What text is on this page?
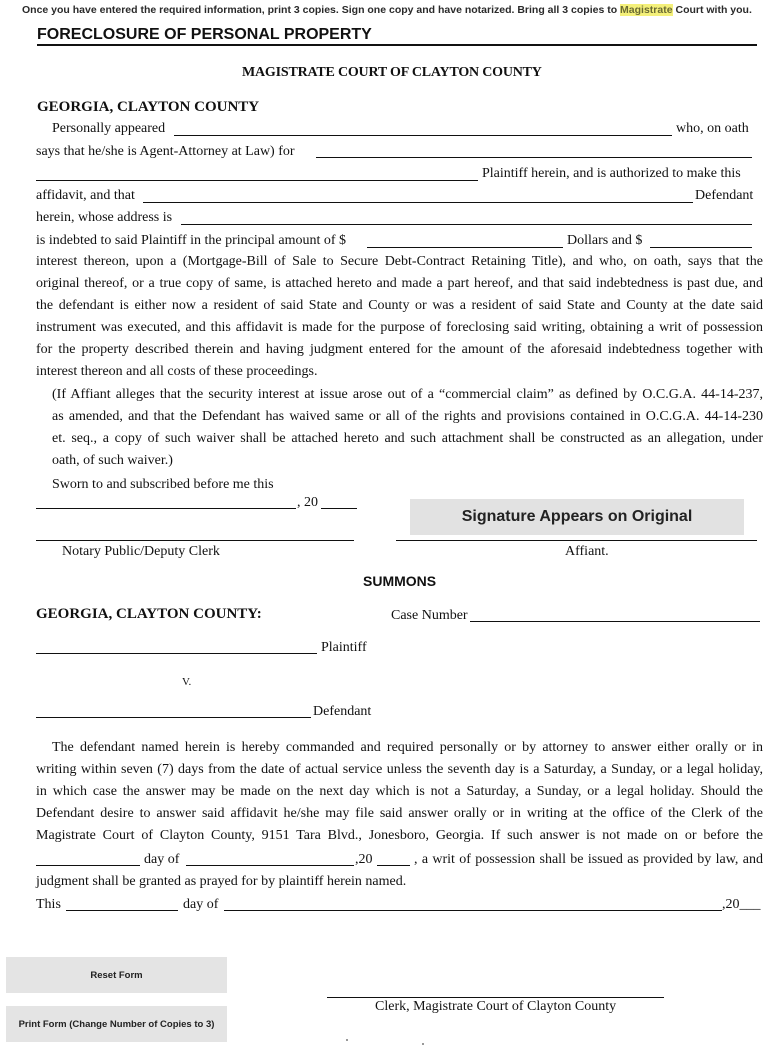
Once you have entered the required information, print 3 copies. Sign one copy and have notarized. Bring all 3 copies to Magistrate Court with you.
FORECLOSURE OF PERSONAL PROPERTY
MAGISTRATE COURT OF CLAYTON COUNTY
GEORGIA, CLAYTON COUNTY
Personally appeared	who, on oath
says that he/she is Agent-Attorney at Law) for
Plaintiff herein, and is authorized to make this
affidavit, and that	Defendant
herein, whose address is
is indebted to said Plaintiff in the principal amount of $	Dollars and $
interest thereon, upon a (Mortgage-Bill of Sale to Secure Debt-Contract Retaining Title), and who, on oath, says that the
original thereof, or a true copy of same, is attached hereto and made a part hereof, and that said indebtedness is past due, and
the defendant is either now a resident of said State and County or was a resident of said State and County at the date said
instrument was executed, and this affidavit is made for the purpose of foreclosing said writing, obtaining a writ of possession
for the property described therein and having judgment entered for the amount of the aforesaid indebtedness together with
interest thereon and all costs of these proceedings.
(If Affiant alleges that the security interest at issue arose out of a “commercial claim” as defined by O.C.G.A. 44-14-237,
as amended, and that the Defendant has waived same or all of the rights and provisions contained in O.C.G.A. 44-14-230
et. seq., a copy of such waiver shall be attached hereto and such attachment shall be constructed as an allegation, under
oath, of such waiver.)
Sworn to and subscribed before me this
, 20
Signature Appears on Original
Notary Public/Deputy Clerk	Affiant.
SUMMONS
GEORGIA, CLAYTON COUNTY:	Case Number
Plaintiff
V.
Defendant
The defendant named herein is hereby commanded and required personally or by attorney to answer either orally or in
writing within seven (7) days from the date of actual service unless the seventh day is a Saturday, a Sunday, or a legal holiday,
in which case the answer may be made on the next day which is not a Saturday, a Sunday, or a legal holiday. Should the
Defendant desire to answer said affidavit he/she may file said answer orally or in writing at the office of the Clerk of the
Magistrate Court of Clayton County, 9151 Tara Blvd., Jonesboro, Georgia. If such answer is not made on or before the
day of	,20	, a writ of possession shall be issued as provided by law, and
judgment shall be granted as prayed for by plaintiff herein named.
This	day of	,20___
Reset Form
Print Form (Change Number of Copies to 3)
Clerk, Magistrate Court of Clayton County
